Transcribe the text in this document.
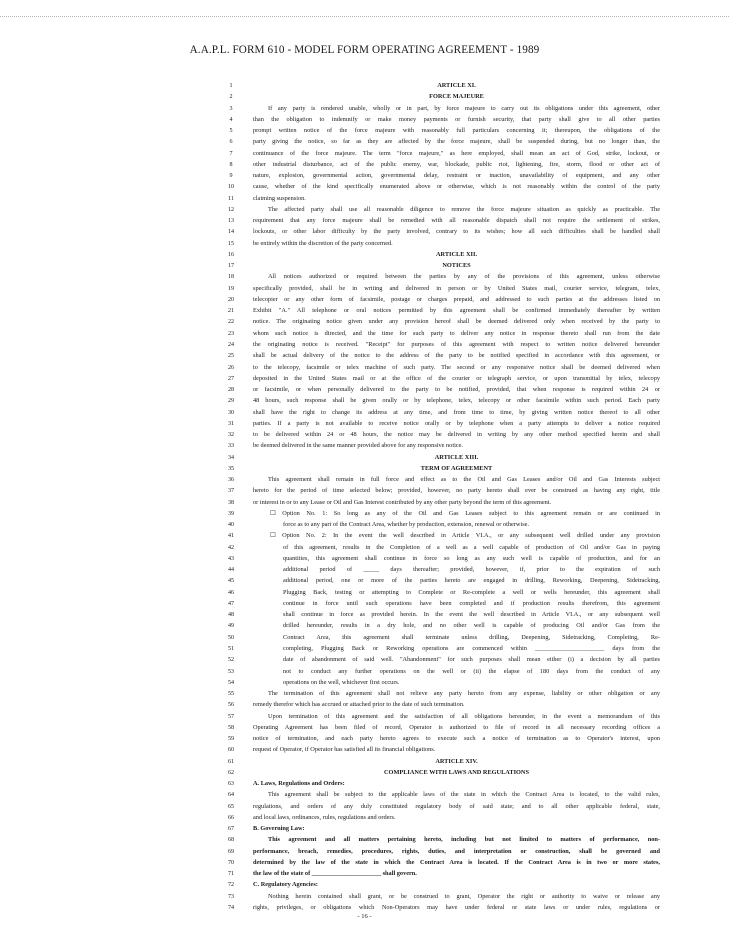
A.A.P.L. FORM 610 - MODEL FORM OPERATING AGREEMENT - 1989
1	ARTICLE XI.
2	FORCE MAJEURE
3	If any party is rendered unable, wholly or in part, by force majeure to carry out its obligations under this agreement, other
4	than the obligation to indemnify or make money payments or furnish security, that party shall give to all other parties
5	prompt written notice of the force majeure with reasonably full particulars concerning it; thereupon, the obligations of the
6	party giving the notice, so far as they are affected by the force majeure, shall be suspended during, but no longer than, the
7	continuance of the force majeure. The term "force majeure," as here employed, shall mean an act of God, strike, lockout, or
8	other industrial disturbance, act of the public enemy, war, blockade, public riot, lightening, fire, storm, flood or other act of
9	nature, explosion, governmental action, governmental delay, restraint or inaction, unavailability of equipment, and any other
10	cause, whether of the kind specifically enumerated above or otherwise, which is not reasonably within the control of the party
11	claiming suspension.
12	The affected party shall use all reasonable diligence to remove the force majeure situation as quickly as practicable. The
13	requirement that any force majeure shall be remedied with all reasonable dispatch shall not require the settlement of strikes,
14	lockouts, or other labor difficulty by the party involved, contrary to its wishes; how all such difficulties shall be handled shall
15	be entirely within the discretion of the party concerned.
16	ARTICLE XII.
17	NOTICES
18	All notices authorized or required between the parties by any of the provisions of this agreement, unless otherwise
19	specifically provided, shall be in writing and delivered in person or by United States mail, courier service, telegram, telex,
20	telecopier or any other form of facsimile, postage or charges prepaid, and addressed to such parties at the addresses listed on
21	Exhibit "A." All telephone or oral notices permitted by this agreement shall be confirmed immediately thereafter by written
22	notice. The originating notice given under any provision hereof shall be deemed delivered only when received by the party to
23	whom such notice is directed, and the time for such party to deliver any notice in response thereto shall run from the date
24	the originating notice is received. "Receipt" for purposes of this agreement with respect to written notice delivered hereunder
25	shall be actual delivery of the notice to the address of the party to be notified specified in accordance with this agreement, or
26	to the telecopy, facsimile or telex machine of such party. The second or any responsive notice shall be deemed delivered when
27	deposited in the United States mail or at the office of the courier or telegraph service, or upon transmittal by telex, telecopy
28	or facsimile, or when personally delivered to the party to be notified, provided, that when response is required within 24 or
29	48 hours, such response shall be given orally or by telephone, telex, telecopy or other facsimile within such period. Each party
30	shall have the right to change its address at any time, and from time to time, by giving written notice thereof to all other
31	parties. If a party is not available to receive notice orally or by telephone when a party attempts to deliver a notice required
32	to be delivered within 24 or 48 hours, the notice may be delivered in writing by any other method specified herein and shall
33	be deemed delivered in the same manner provided above for any responsive notice.
34	ARTICLE XIII.
35	TERM OF AGREEMENT
36	This agreement shall remain in full force and effect as to the Oil and Gas Leases and/or Oil and Gas Interests subject
37	hereto for the period of time selected below; provided, however, no party hereto shall ever be construed as having any right, title
38	or interest in or to any Lease or Oil and Gas Interest contributed by any other party beyond the term of this agreement.
39	☐ Option No. 1: So long as any of the Oil and Gas Leases subject to this agreement remain or are continued in
40	force as to any part of the Contract Area, whether by production, extension, renewal or otherwise.
41	☐ Option No. 2: In the event the well described in Article VI.A., or any subsequent well drilled under any provision
42	of this agreement, results in the Completion of a well as a well capable of production of Oil and/or Gas in paying
43	quantities, this agreement shall continue in force so long as any such well is capable of production, and for an
44	additional period of _____ days thereafter; provided, however, if, prior to the expiration of such
45	additional period, one or more of the parties hereto are engaged in drilling, Reworking, Deepening, Sidetracking,
46	Plugging Back, testing or attempting to Complete or Re-complete a well or wells hereunder, this agreement shall
47	continue in force until such operations have been completed and if production results therefrom, this agreement
48	shall continue in force as provided herein. In the event the well described in Article VI.A., or any subsequent well
49	drilled hereunder, results in a dry hole, and no other well is capable of producing Oil and/or Gas from the
50	Contract Area, this agreement shall terminate unless drilling, Deepening, Sidetracking, Completing, Re-
51	completing, Plugging Back or Reworking operations are commenced within ______________________ days from the
52	date of abandonment of said well. "Abandonment" for such purposes shall mean either (i) a decision by all parties
53	not to conduct any further operations on the well or (ii) the elapse of 180 days from the conduct of any
54	operations on the well, whichever first occurs.
55	The termination of this agreement shall not relieve any party hereto from any expense, liability or other obligation or any
56	remedy therefor which has accrued or attached prior to the date of such termination.
57	Upon termination of this agreement and the satisfaction of all obligations hereunder, in the event a memorandum of this
58	Operating Agreement has been filed of record, Operator is authorized to file of record in all necessary recording offices a
59	notice of termination, and each party hereto agrees to execute such a notice of termination as to Operator's interest, upon
60	request of Operator, if Operator has satisfied all its financial obligations.
61	ARTICLE XIV.
62	COMPLIANCE WITH LAWS AND REGULATIONS
63	A. Laws, Regulations and Orders:
64	This agreement shall be subject to the applicable laws of the state in which the Contract Area is located, to the valid rules,
65	regulations, and orders of any duly constituted regulatory body of said state; and to all other applicable federal, state,
66	and local laws, ordinances, rules, regulations and orders.
67	B. Governing Law:
68	This agreement and all matters pertaining hereto, including but not limited to matters of performance, non-
69	performance, breach, remedies, procedures, rights, duties, and interpretation or construction, shall be governed and
70	determined by the law of the state in which the Contract Area is located. If the Contract Area is in two or more states,
71	the law of the state of ______________________ shall govern.
72	C. Regulatory Agencies:
73	Nothing herein contained shall grant, or be construed to grant, Operator the right or authority to waive or release any
74	rights, privileges, or obligations which Non-Operators may have under federal or state laws or under rules, regulations or
- 16 -
